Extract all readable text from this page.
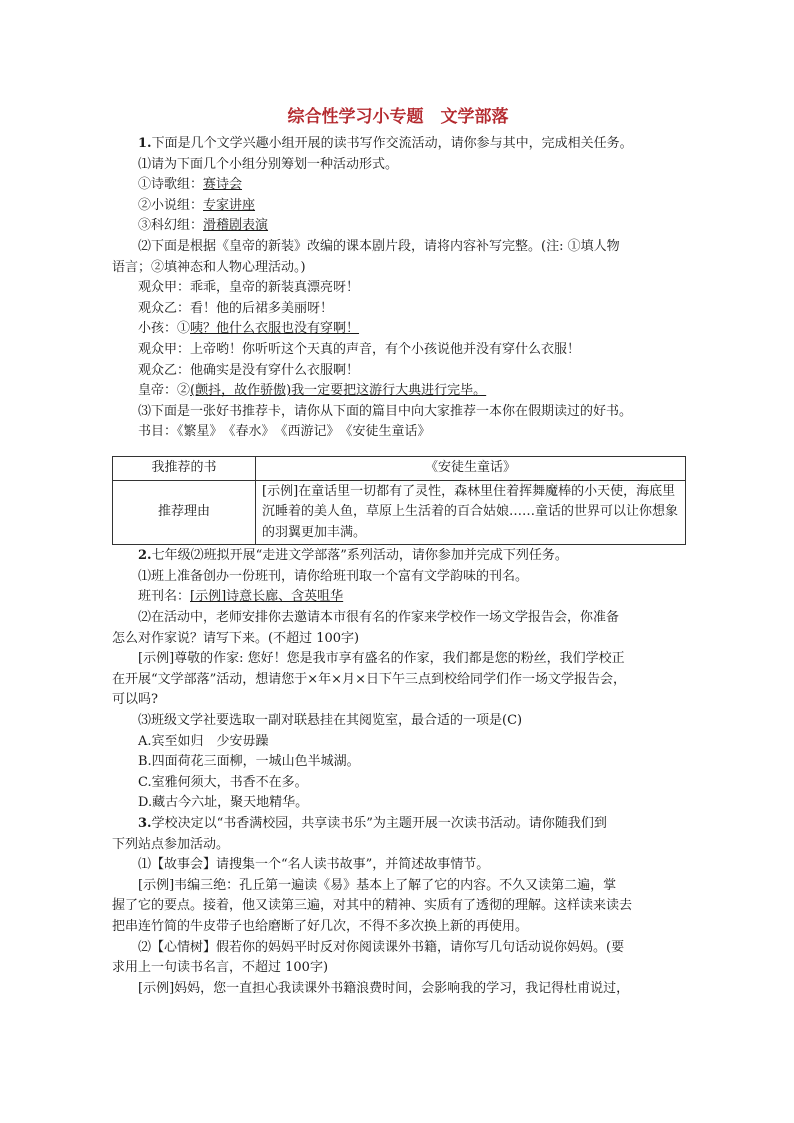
综合性学习小专题　文学部落

1.下面是几个文学兴趣小组开展的读书写作交流活动，请你参与其中，完成相关任务。

⑴请为下面几个小组分别筹划一种活动形式。

①诗歌组：赛诗会

②小说组：专家讲座

③科幻组：滑稽剧表演

⑵下面是根据《皇帝的新装》改编的课本剧片段，请将内容补写完整。(注: ①填人物

语言；②填神态和人物心理活动。)

观众甲：乖乖，皇帝的新装真漂亮呀！

观众乙：看！他的后裙多美丽呀！

小孩：①咦？他什么衣服也没有穿啊！

观众甲：上帝哟！你听听这个天真的声音，有个小孩说他并没有穿什么衣服！

观众乙：他确实是没有穿什么衣服啊！

皇帝：②(颤抖，故作骄傲)我一定要把这游行大典进行完毕。

⑶下面是一张好书推荐卡，请你从下面的篇目中向大家推荐一本你在假期读过的好书。

书目：《繁星》　《春水》　《西游记》　《安徒生童话》

我推荐的书	《安徒生童话》
推荐理由	[示例]在童话里一切都有了灵性，森林里住着挥舞魔棒的小天使，海底里沉睡着的美人鱼，草原上生活着的百合姑娘……童话的世界可以让你想象的羽翼更加丰满。

2.七年级⑵班拟开展“走进文学部落”系列活动，请你参加并完成下列任务。

⑴班上准备创办一份班刊，请你给班刊取一个富有文学韵味的刊名。

班刊名：[示例]诗意长廊、含英咀华

⑵在活动中，老师安排你去邀请本市很有名的作家来学校作一场文学报告会，你准备

怎么对作家说？请写下来。(不超过 100字)

[示例]尊敬的作家: 您好！您是我市享有盛名的作家，我们都是您的粉丝，我们学校正

在开展“文学部落”活动，想请您于×年×月×日下午三点到校给同学们作一场文学报告会，

可以吗?

⑶班级文学社要选取一副对联悬挂在其阅览室，最合适的一项是(C)

A.宾至如归　少安毋躁

B.四面荷花三面柳，一城山色半城湖。

C.室雅何须大，书香不在多。

D.藏古今六址，聚天地精华。

3.学校决定以“书香满校园，共享读书乐”为主题开展一次读书活动。请你随我们到

下列站点参加活动。

⑴【故事会】请搜集一个“名人读书故事”，并简述故事情节。

[示例]韦编三绝：孔丘第一遍读《易》基本上了解了它的内容。不久又读第二遍，掌

握了它的要点。接着，他又读第三遍，对其中的精神、实质有了透彻的理解。这样读来读去

把串连竹简的牛皮带子也给磨断了好几次，不得不多次换上新的再使用。

⑵【心情树】假若你的妈妈平时反对你阅读课外书籍，请你写几句话动说你妈妈。(要

求用上一句读书名言，不超过 100字)

[示例]妈妈，您一直担心我读课外书籍浪费时间，会影响我的学习，我记得杜甫说过，
